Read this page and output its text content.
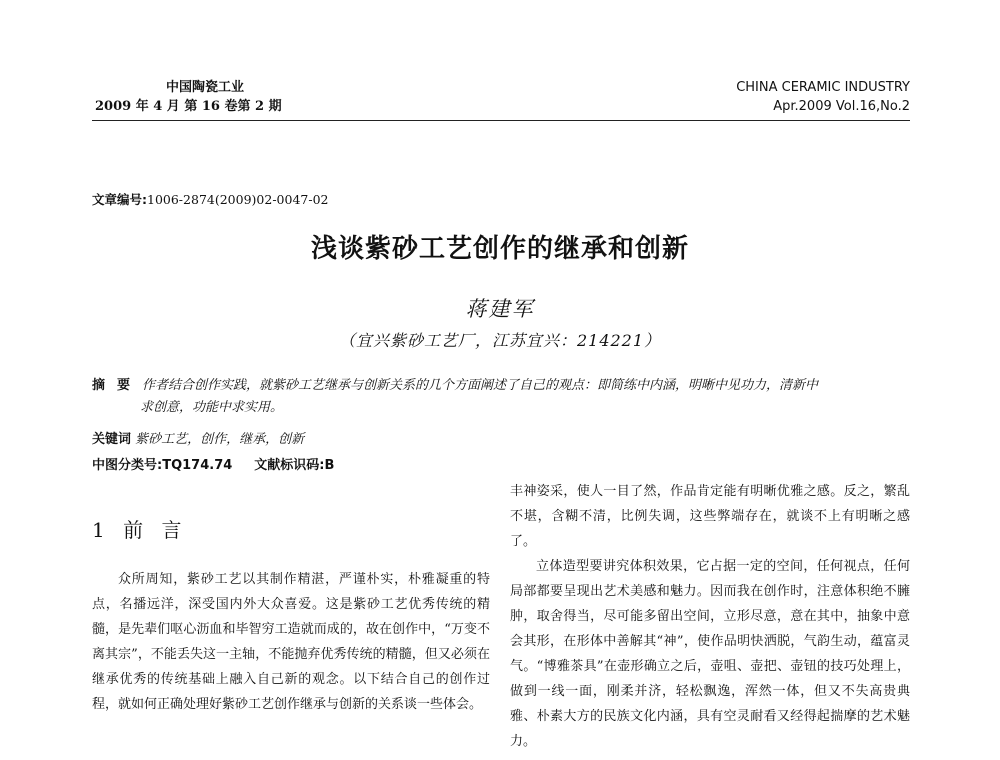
中国陶瓷工业
2009 年 4 月 第 16 卷第 2 期
CHINA CERAMIC INDUSTRY
Apr.2009 Vol.16,No.2
文章编号:1006-2874(2009)02-0047-02
浅谈紫砂工艺创作的继承和创新
蒋建军
（宜兴紫砂工艺厂，江苏宜兴：214221）
摘要作者结合创作实践，就紫砂工艺继承与创新关系的几个方面阐述了自己的观点：即简练中内涵，明晰中见功力，清新中
求创意，功能中求实用。
关键词 紫砂工艺，创作，继承，创新
中图分类号:TQ174.74 文献标识码:B
1 前 言

众所周知，紫砂工艺以其制作精湛，严谨朴实，朴雅凝重的特点，名播远洋，深受国内外大众喜爱。这是紫砂工艺优秀传统的精髓，是先辈们呕心沥血和毕智穷工造就而成的，故在创作中，“万变不离其宗”，不能丢失这一主轴，不能抛弃优秀传统的精髓，但又必须在继承优秀的传统基础上融入自己新的观念。以下结合自己的创作过程，就如何正确处理好紫砂工艺创作继承与创新的关系谈一些体会。

丰神姿采，使人一目了然，作品肯定能有明晰优雅之感。反之，繁乱不堪，含糊不清，比例失调，这些弊端存在，就谈不上有明晰之感了。

立体造型要讲究体积效果，它占据一定的空间，任何视点，任何局部都要呈现出艺术美感和魅力。因而我在创作时，注意体积绝不臃肿，取舍得当，尽可能多留出空间，立形尽意，意在其中，抽象中意会其形，在形体中善解其“神”，使作品明快洒脱，气韵生动，蕴富灵气。“博雅茶具”在壶形确立之后，壶咀、壶把、壶钮的技巧处理上，做到一线一面，刚柔并济，轻松飘逸，浑然一体，但又不失高贵典雅、朴素大方的民族文化内涵，具有空灵耐看又经得起揣摩的艺术魅力。
